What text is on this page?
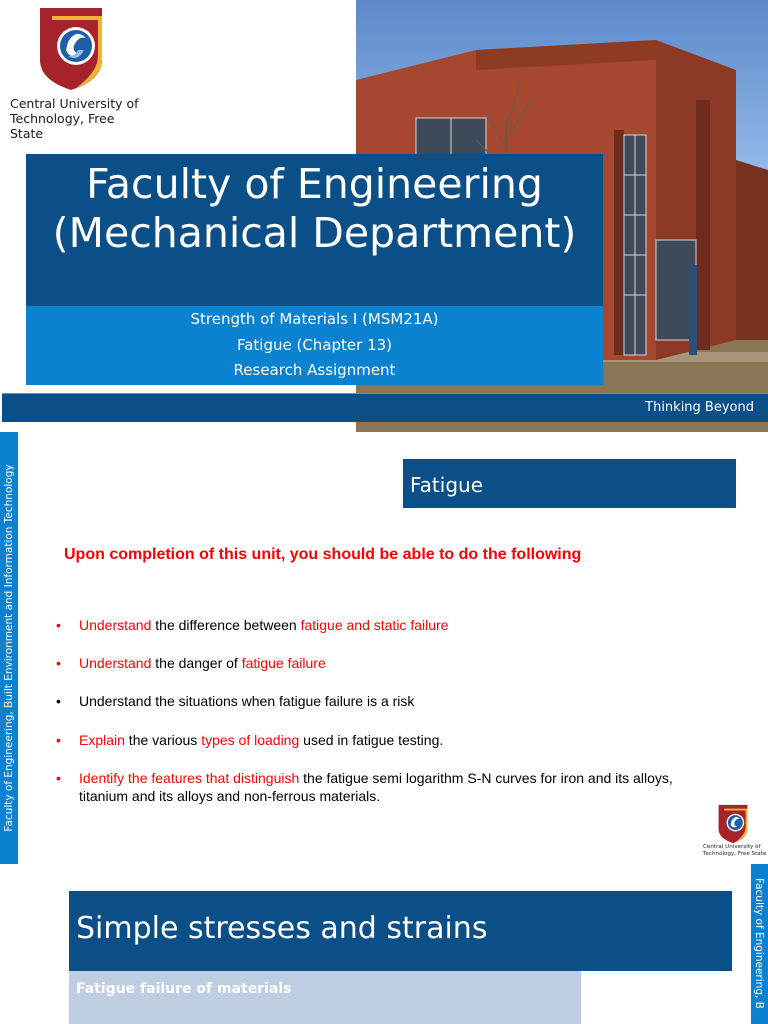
Central University of
Technology, Free State
Faculty of Engineering
(Mechanical Department)
Strength of Materials I (MSM21A)
Fatigue (Chapter 13)
Research Assignment
Thinking Beyond
Faculty of Engineering, Built Environment and Information Technology	Fatigue
Upon completion of this unit, you should be able to do the following
• Understand the difference between fatigue and static failure
• Understand the danger of fatigue failure
• Understand the situations when fatigue failure is a risk
• Explain the various types of loading used in fatigue testing.
• Identify the features that distinguish the fatigue semi logarithm S-N curves for iron and its alloys, titanium and its alloys and non-ferrous materials.
Central University of
Technology, Free State
Simple stresses and strains
Fatigue failure of materials	Faculty of Engineering, B
